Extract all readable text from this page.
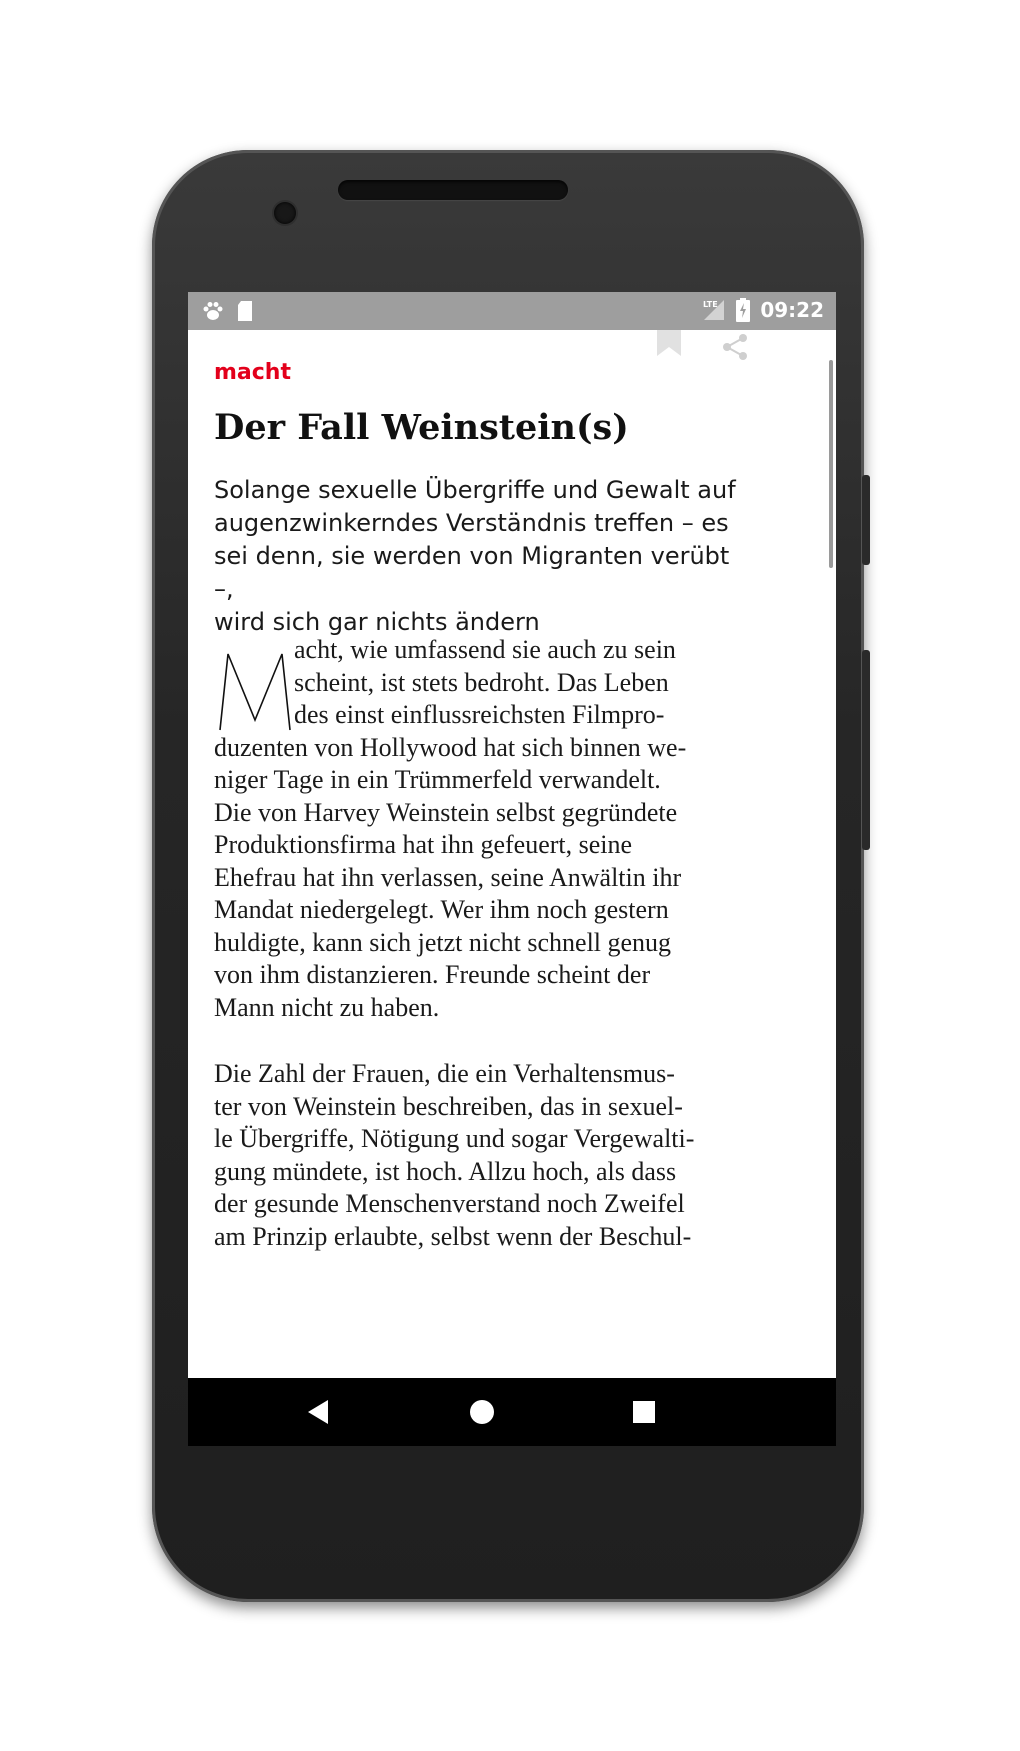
LTE 09:22
macht
Der Fall Weinstein(s)

Solange sexuelle Übergriffe und Gewalt auf
augenzwinkerndes Verständnis treffen – es
sei denn, sie werden von Migranten verübt –,
wird sich gar nichts ändern

acht, wie umfassend sie auch zu sein
scheint, ist stets bedroht. Das Leben
des einst einflussreichsten Filmpro-
duzenten von Hollywood hat sich binnen we-
niger Tage in ein Trümmerfeld verwandelt.
Die von Harvey Weinstein selbst gegründete
Produktionsfirma hat ihn gefeuert, seine
Ehefrau hat ihn verlassen, seine Anwältin ihr
Mandat niedergelegt. Wer ihm noch gestern
huldigte, kann sich jetzt nicht schnell genug
von ihm distanzieren. Freunde scheint der
Mann nicht zu haben.

Die Zahl der Frauen, die ein Verhaltensmus-
ter von Weinstein beschreiben, das in sexuel-
le Übergriffe, Nötigung und sogar Vergewalti-
gung mündete, ist hoch. Allzu hoch, als dass
der gesunde Menschenverstand noch Zweifel
am Prinzip erlaubte, selbst wenn der Beschul-
